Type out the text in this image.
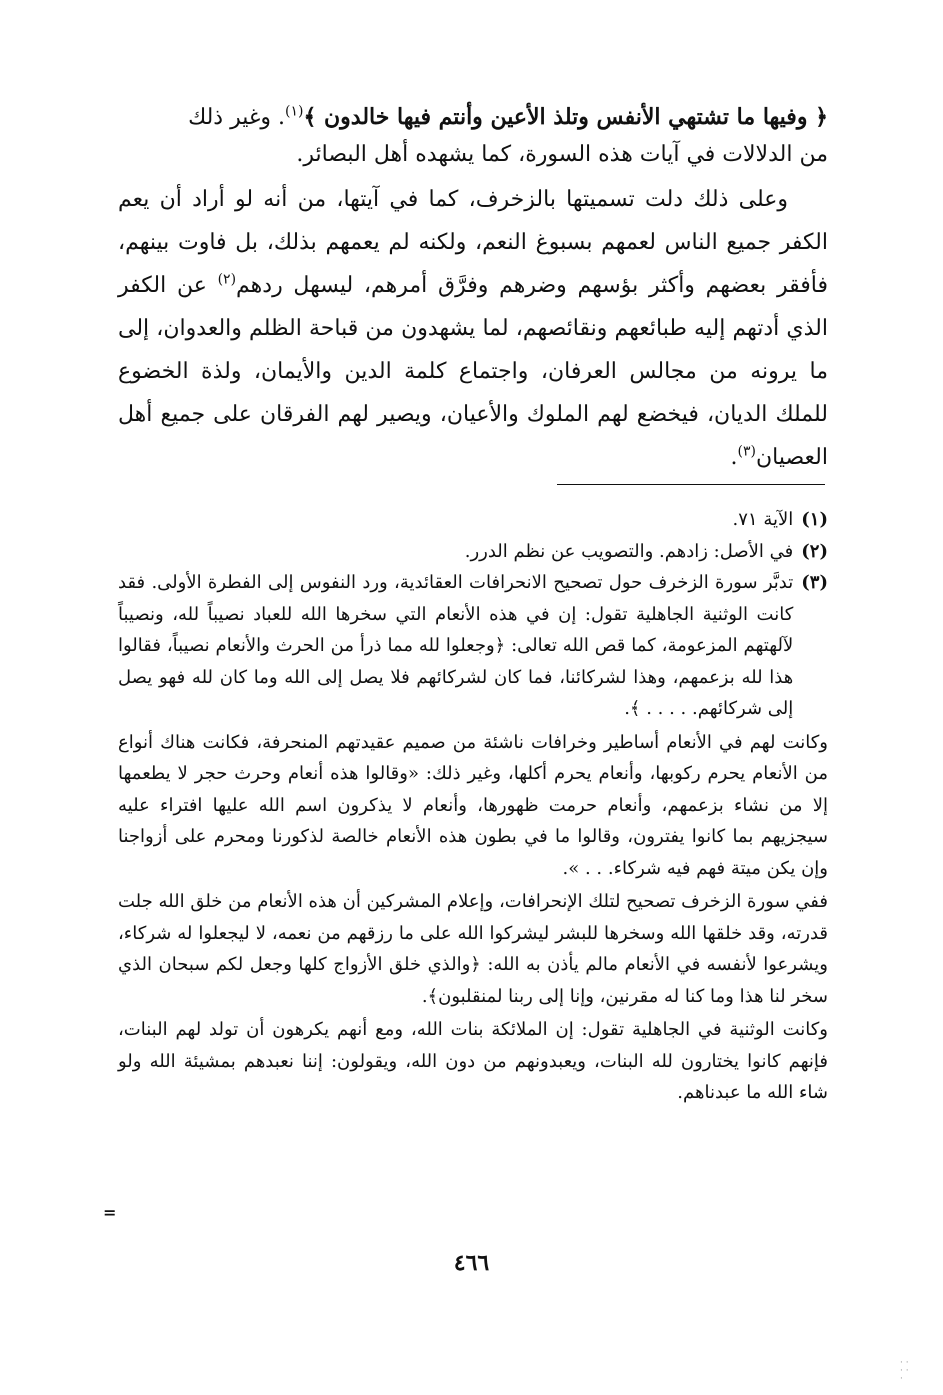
﴿ وفيها ما تشتهي الأنفس وتلذ الأعين وأنتم فيها خالدون ﴾$^{(١)}$. وغير ذلك

من الدلالات في آيات هذه السورة، كما يشهده أهل البصائر.

وعلى ذلك دلت تسميتها بالزخرف، كما في آيتها، من أنه لو أراد أن يعم الكفر جميع الناس لعمهم بسبوغ النعم، ولكنه لم يعمهم بذلك، بل فاوت بينهم، فأفقر بعضهم وأكثر بؤسهم وضرهم وفرَّق أمرهم، ليسهل ردهم$^{(٢)}$ عن الكفر الذي أدتهم إليه طبائعهم ونقائصهم، لما يشهدون من قباحة الظلم والعدوان، إلى ما يرونه من مجالس العرفان، واجتماع كلمة الدين والأيمان، ولذة الخضوع للملك الديان، فيخضع لهم الملوك والأعيان، ويصير لهم الفرقان على جميع أهل العصيان$^{(٣)}$.

(١)
الآية ٧١.
(٢)
في الأصل: زادهم. والتصويب عن نظم الدرر.
(٣)

تدبَّر سورة الزخرف حول تصحيح الانحرافات العقائدية، ورد النفوس إلى الفطرة الأولى. فقد كانت الوثنية الجاهلية تقول: إن في هذه الأنعام التي سخرها الله للعباد نصيباً لله، ونصيباً لآلهتهم المزعومة، كما قص الله تعالى: ﴿وجعلوا لله مما ذرأ من الحرث والأنعام نصيباً، فقالوا هذا لله بزعمهم، وهذا لشركائنا، فما كان لشركائهم فلا يصل إلى الله وما كان لله فهو يصل إلى شركائهم. . . . . ﴾.

وكانت لهم في الأنعام أساطير وخرافات ناشئة من صميم عقيدتهم المنحرفة، فكانت هناك أنواع من الأنعام يحرم ركوبها، وأنعام يحرم أكلها، وغير ذلك: «وقالوا هذه أنعام وحرث حجر لا يطعمها إلا من نشاء بزعمهم، وأنعام حرمت ظهورها، وأنعام لا يذكرون اسم الله عليها افتراء عليه سيجزيهم بما كانوا يفترون، وقالوا ما في بطون هذه الأنعام خالصة لذكورنا ومحرم على أزواجنا وإن يكن ميتة فهم فيه شركاء. . . ».

ففي سورة الزخرف تصحيح لتلك الإنحرافات، وإعلام المشركين أن هذه الأنعام من خلق الله جلت قدرته، وقد خلقها الله وسخرها للبشر ليشركوا الله على ما رزقهم من نعمه، لا ليجعلوا له شركاء، ويشرعوا لأنفسه في الأنعام مالم يأذن به الله: ﴿والذي خلق الأزواج كلها وجعل لكم سبحان الذي سخر لنا هذا وما كنا له مقرنين، وإنا إلى ربنا لمنقلبون﴾.

وكانت الوثنية في الجاهلية تقول: إن الملائكة بنات الله، ومع أنهم يكرهون أن تولد لهم البنات، فإنهم كانوا يختارون لله البنات، ويعبدونهم من دون الله، ويقولون: إننا نعبدهم بمشيئة الله ولو شاء الله ما عبدناهم.

=
٤٦٦
· ·
· ·
·
